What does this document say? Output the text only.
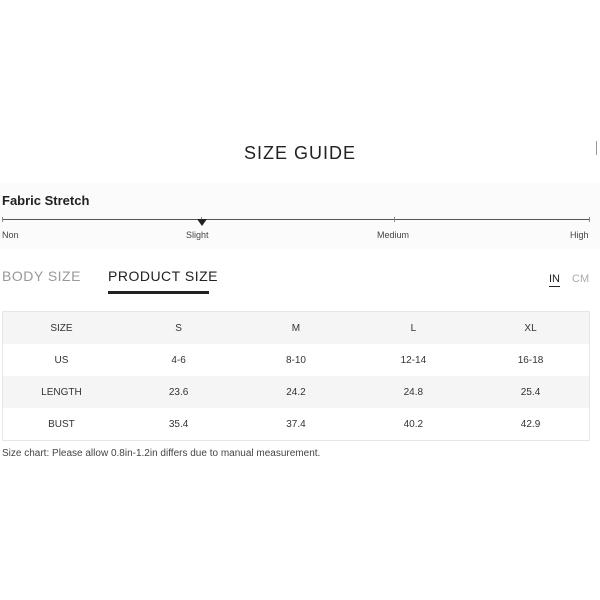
SIZE GUIDE
Fabric Stretch
Non	Slight	Medium	High
BODY SIZE PRODUCT SIZE	IN CM
SIZE	S	M	L	XL
US	4-6	8-10	12-14	16-18
LENGTH	23.6	24.2	24.8	25.4
BUST	35.4	37.4	40.2	42.9
Size chart: Please allow 0.8in-1.2in differs due to manual measurement.
